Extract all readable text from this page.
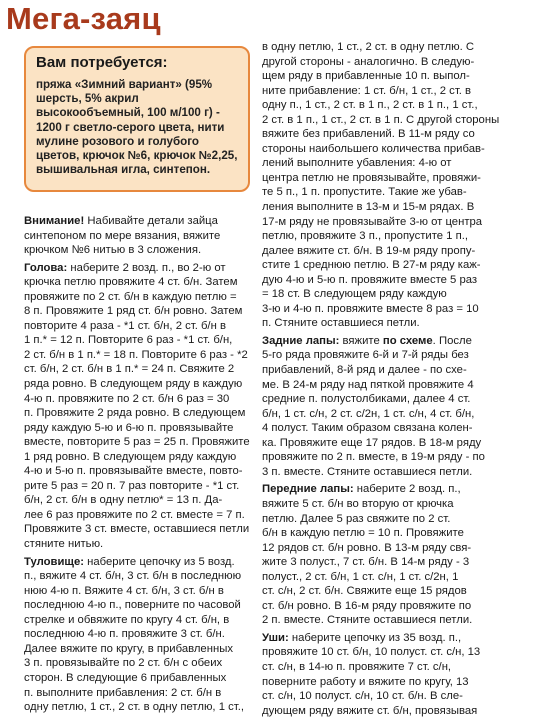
Мега-заяц
Вам потребуется:

пряжа «Зимний вариант» (95% шерсть, 5% акрил высокообъемный, 100 м/100 г) - 1200 г светло-серого цвета, нити мулине розового и голубого цветов, крючок №6, крючок №2,25, вышивальная игла, синтепон.

Внимание! Набивайте детали зайца
синтепоном по мере вязания, вяжите
крючком №6 нитью в 3 сложения.
Голова: наберите 2 возд. п., во 2-ю от
крючка петлю провяжите 4 ст. б/н. Затем
провяжите по 2 ст. б/н в каждую петлю =
8 п. Провяжите 1 ряд ст. б/н ровно. Затем
повторите 4 раза - *1 ст. б/н, 2 ст. б/н в
1 п.* = 12 п. Повторите 6 раз - *1 ст. б/н,
2 ст. б/н в 1 п.* = 18 п. Повторите 6 раз - *2
ст. б/н, 2 ст. б/н в 1 п.* = 24 п. Свяжите 2
ряда ровно. В следующем ряду в каждую
4-ю п. провяжите по 2 ст. б/н 6 раз = 30
п. Провяжите 2 ряда ровно. В следующем
ряду каждую 5-ю и 6-ю п. провязывайте
вместе, повторите 5 раз = 25 п. Провяжите
1 ряд ровно. В следующем ряду каждую
4-ю и 5-ю п. провязывайте вместе, повто-
рите 5 раз = 20 п. 7 раз повторите - *1 ст.
б/н, 2 ст. б/н в одну петлю* = 13 п. Да-
лее 6 раз провяжите по 2 ст. вместе = 7 п.
Провяжите 3 ст. вместе, оставшиеся петли
стяните нитью.
Туловище: наберите цепочку из 5 возд.
п., вяжите 4 ст. б/н, 3 ст. б/н в последнюю
нюю 4-ю п. Вяжите 4 ст. б/н, 3 ст. б/н в
последнюю 4-ю п., поверните по часовой
стрелке и обвяжите по кругу 4 ст. б/н, в
последнюю 4-ю п. провяжите 3 ст. б/н.
Далее вяжите по кругу, в прибавленных
3 п. провязывайте по 2 ст. б/н с обеих
сторон. В следующие 6 прибавленных
п. выполните прибавления: 2 ст. б/н в
одну петлю, 1 ст., 2 ст. в одну петлю, 1 ст.,
в одну петлю, 1 ст., 2 ст. в одну петлю. С
другой стороны - аналогично. В следую-
щем ряду в прибавленные 10 п. выпол-
ните прибавление: 1 ст. б/н, 1 ст., 2 ст. в
одну п., 1 ст., 2 ст. в 1 п., 2 ст. в 1 п., 1 ст.,
2 ст. в 1 п., 1 ст., 2 ст. в 1 п. С другой стороны
вяжите без прибавлений. В 11-м ряду со
стороны наибольшего количества прибав-
лений выполните убавления: 4-ю от
центра петлю не провязывайте, провяжи-
те 5 п., 1 п. пропустите. Такие же убав-
ления выполните в 13-м и 15-м рядах. В
17-м ряду не провязывайте 3-ю от центра
петлю, провяжите 3 п., пропустите 1 п.,
далее вяжите ст. б/н. В 19-м ряду пропу-
стите 1 среднюю петлю. В 27-м ряду каж-
дую 4-ю и 5-ю п. провяжите вместе 5 раз
= 18 ст. В следующем ряду каждую
3-ю и 4-ю п. провяжите вместе 8 раз = 10
п. Стяните оставшиеся петли.
Задние лапы: вяжите по схеме. После
5-го ряда провяжите 6-й и 7-й ряды без
прибавлений, 8-й ряд и далее - по схе-
ме. В 24-м ряду над пяткой провяжите 4
средние п. полустолбиками, далее 4 ст.
б/н, 1 ст. с/н, 2 ст. с/2н, 1 ст. с/н, 4 ст. б/н,
4 полуст. Таким образом связана колен-
ка. Провяжите еще 17 рядов. В 18-м ряду
провяжите по 2 п. вместе, в 19-м ряду - по
3 п. вместе. Стяните оставшиеся петли.
Передние лапы: наберите 2 возд. п.,
вяжите 5 ст. б/н во вторую от крючка
петлю. Далее 5 раз свяжите по 2 ст.
б/н в каждую петлю = 10 п. Провяжите
12 рядов ст. б/н ровно. В 13-м ряду свя-
жите 3 полуст., 7 ст. б/н. В 14-м ряду - 3
полуст., 2 ст. б/н, 1 ст. с/н, 1 ст. с/2н, 1
ст. с/н, 2 ст. б/н. Свяжите еще 15 рядов
ст. б/н ровно. В 16-м ряду провяжите по
2 п. вместе. Стяните оставшиеся петли.
Уши: наберите цепочку из 35 возд. п.,
провяжите 10 ст. б/н, 10 полуст. ст. с/н, 13
ст. с/н, в 14-ю п. провяжите 7 ст. с/н,
поверните работу и вяжите по кругу, 13
ст. с/н, 10 полуст. с/н, 10 ст. б/н. В сле-
дующем ряду вяжите ст. б/н, провязывая
